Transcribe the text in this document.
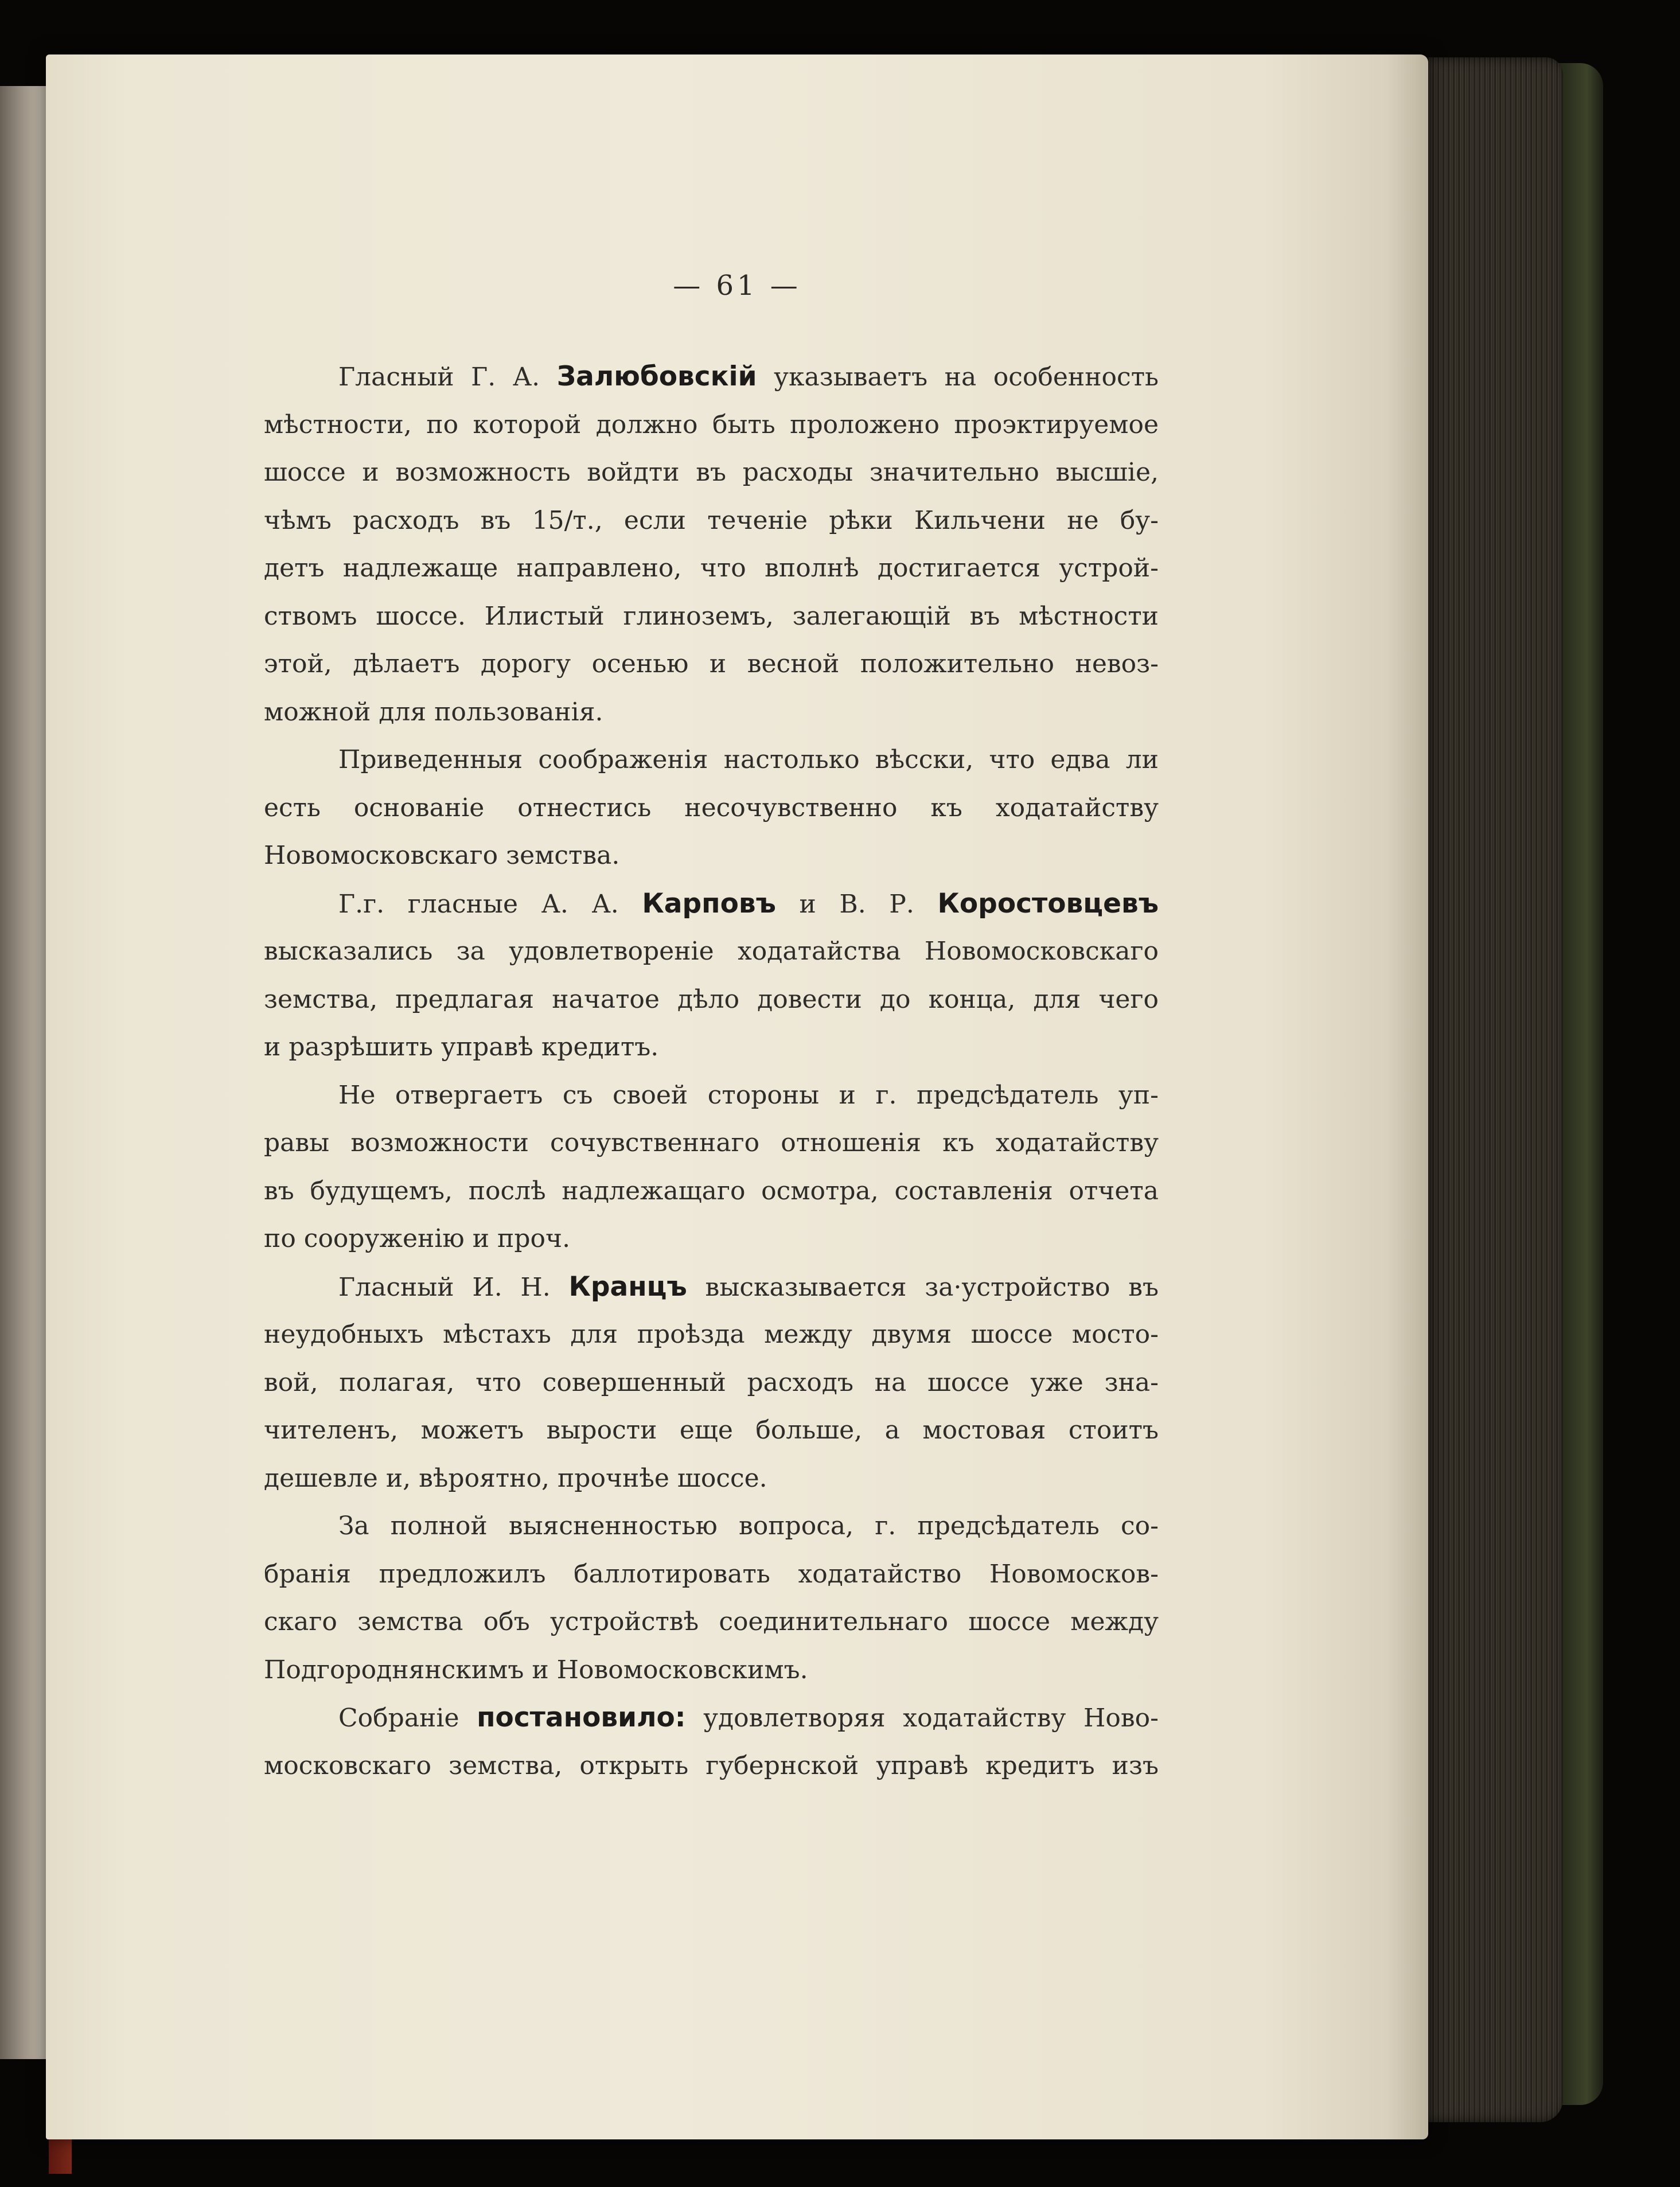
— 61 —
Гласный Г. А. Залюбовскій указываетъ на особенность
мѣстности, по которой должно быть проложено проэктируемое
шоссе и возможность войдти въ расходы значительно высшіе,
чѣмъ расходъ въ 15/т., если теченіе рѣки Кильчени не бу-
детъ надлежаще направлено, что вполнѣ достигается устрой-
ствомъ шоссе. Илистый глиноземъ, залегающій въ мѣстности
этой, дѣлаетъ дорогу осенью и весной положительно невоз-
можной для пользованія.
Приведенныя соображенія настолько вѣсски, что едва ли
есть основаніе отнестись несочувственно къ ходатайству
Новомосковскаго земства.
Г.г. гласные А. А. Карповъ и В. Р. Коростовцевъ
высказались за удовлетвореніе ходатайства Новомосковскаго
земства, предлагая начатое дѣло довести до конца, для чего
и разрѣшить управѣ кредитъ.
Не отвергаетъ съ своей стороны и г. предсѣдатель уп-
равы возможности сочувственнаго отношенія къ ходатайству
въ будущемъ, послѣ надлежащаго осмотра, составленія отчета
по сооруженію и проч.
Гласный И. Н. Кранцъ высказывается за·устройство въ
неудобныхъ мѣстахъ для проѣзда между двумя шоссе мосто-
вой, полагая, что совершенный расходъ на шоссе уже зна-
чителенъ, можетъ вырости еще больше, а мостовая стоитъ
дешевле и, вѣроятно, прочнѣе шоссе.
За полной выясненностью вопроса, г. предсѣдатель со-
бранія предложилъ баллотировать ходатайство Новомосков-
скаго земства объ устройствѣ соединительнаго шоссе между
Подгороднянскимъ и Новомосковскимъ.
Собраніе постановило: удовлетворяя ходатайству Ново-
московскаго земства, открыть губернской управѣ кредитъ изъ
